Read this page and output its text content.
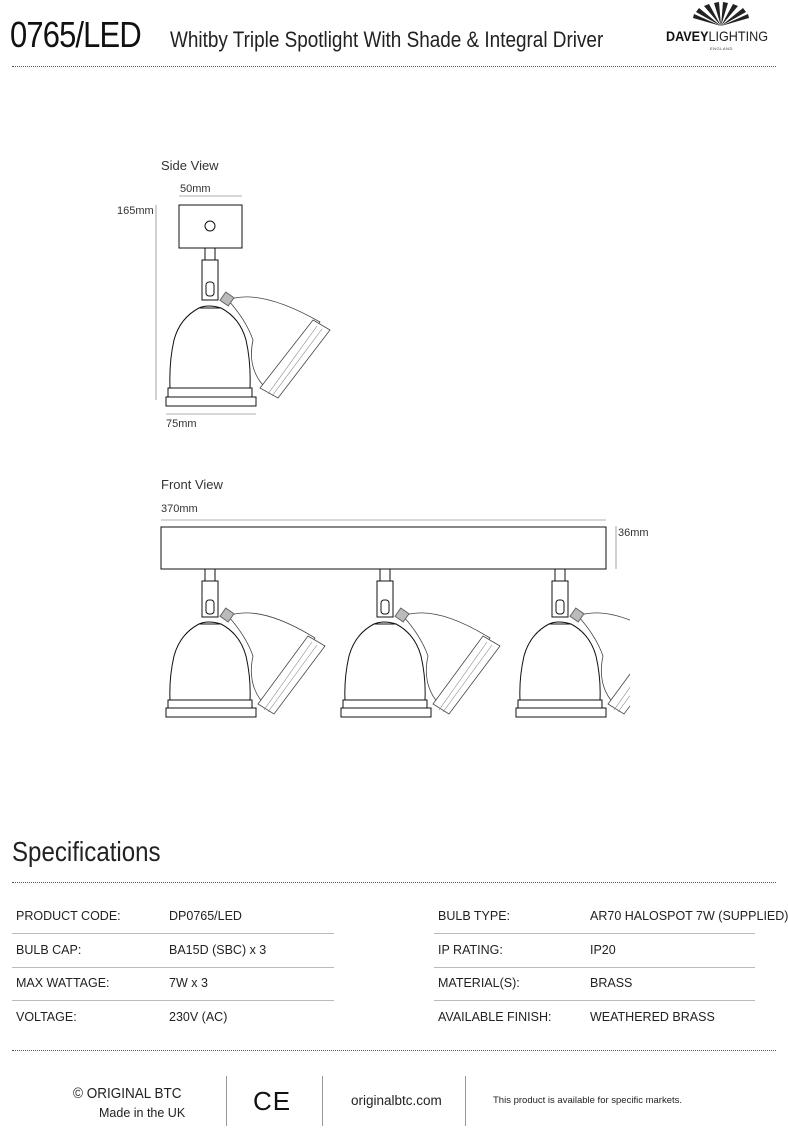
0765/LED Whitby Triple Spotlight With Shade & Integral Driver	DAVEYLIGHTING
ENGLAND
Side View
50mm
165mm
75mm
Front View
370mm
36mm
Specifications
PRODUCT CODE:	DP0765/LED
BULB CAP:	BA15D (SBC) x 3
MAX WATTAGE:	7W x 3
VOLTAGE:	230V (AC)
BULB TYPE:	AR70 HALOSPOT 7W (SUPPLIED)
IP RATING:	IP20
MATERIAL(S):	BRASS
AVAILABLE FINISH:	WEATHERED BRASS
© ORIGINAL BTC
Made in the UK	CE	originalbtc.com	This product is available for specific markets.
